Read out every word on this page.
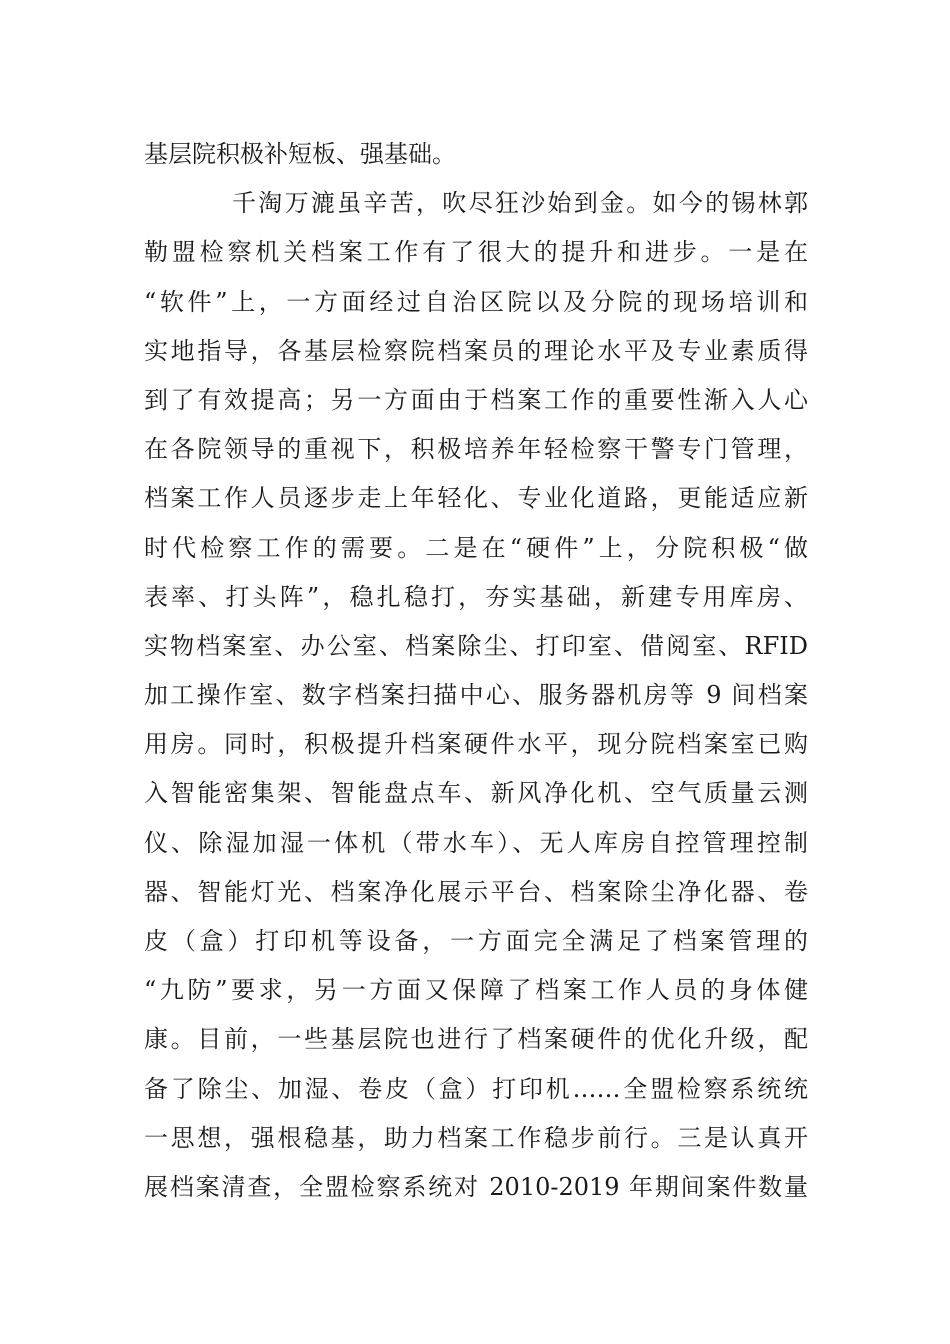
基层院积极补短板、强基础。
千淘万漉虽辛苦，吹尽狂沙始到金。如今的锡林郭
勒盟检察机关档案工作有了很大的提升和进步。一是在
“软件”上，一方面经过自治区院以及分院的现场培训和
实地指导，各基层检察院档案员的理论水平及专业素质得
到了有效提高；另一方面由于档案工作的重要性渐入人心
在各院领导的重视下，积极培养年轻检察干警专门管理，
档案工作人员逐步走上年轻化、专业化道路，更能适应新
时代检察工作的需要。二是在“硬件”上，分院积极“做
表率、打头阵”，稳扎稳打，夯实基础，新建专用库房、
实物档案室、办公室、档案除尘、打印室、借阅室、RFID
加工操作室、数字档案扫描中心、服务器机房等 9 间档案
用房。同时，积极提升档案硬件水平，现分院档案室已购
入智能密集架、智能盘点车、新风净化机、空气质量云测
仪、除湿加湿一体机（带水车）、无人库房自控管理控制
器、智能灯光、档案净化展示平台、档案除尘净化器、卷
皮（盒）打印机等设备，一方面完全满足了档案管理的
“九防”要求，另一方面又保障了档案工作人员的身体健
康。目前，一些基层院也进行了档案硬件的优化升级，配
备了除尘、加湿、卷皮（盒）打印机……全盟检察系统统
一思想，强根稳基，助力档案工作稳步前行。三是认真开
展档案清查，全盟检察系统对 2010-2019 年期间案件数量
